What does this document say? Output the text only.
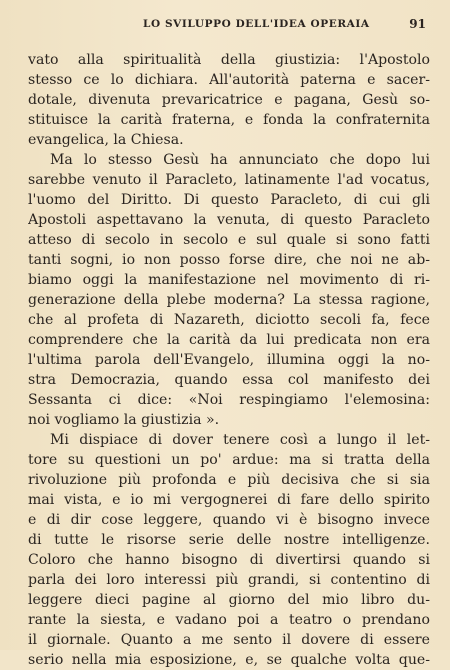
LO SVILUPPO DELL'IDEA OPERAIA	91
vato alla spiritualità della giustizia: l'Apostolo
stesso ce lo dichiara. All'autorità paterna e sacer-
dotale, divenuta prevaricatrice e pagana, Gesù so-
stituisce la carità fraterna, e fonda la confraternita
evangelica, la Chiesa.
Ma lo stesso Gesù ha annunciato che dopo lui
sarebbe venuto il Paracleto, latinamente l'ad vocatus,
l'uomo del Diritto. Di questo Paracleto, di cui gli
Apostoli aspettavano la venuta, di questo Paracleto
atteso di secolo in secolo e sul quale si sono fatti
tanti sogni, io non posso forse dire, che noi ne ab-
biamo oggi la manifestazione nel movimento di ri-
generazione della plebe moderna? La stessa ragione,
che al profeta di Nazareth, diciotto secoli fa, fece
comprendere che la carità da lui predicata non era
l'ultima parola dell'Evangelo, illumina oggi la no-
stra Democrazia, quando essa col manifesto dei
Sessanta ci dice: «Noi respingiamo l'elemosina:
noi vogliamo la giustizia ».
Mi dispiace di dover tenere così a lungo il let-
tore su questioni un po' ardue: ma si tratta della
rivoluzione più profonda e più decisiva che si sia
mai vista, e io mi vergognerei di fare dello spirito
e di dir cose leggere, quando vi è bisogno invece
di tutte le risorse serie delle nostre intelligenze.
Coloro che hanno bisogno di divertirsi quando si
parla dei loro interessi più grandi, si contentino di
leggere dieci pagine al giorno del mio libro du-
rante la siesta, e vadano poi a teatro o prendano
il giornale. Quanto a me sento il dovere di essere
serio nella mia esposizione, e, se qualche volta que-
